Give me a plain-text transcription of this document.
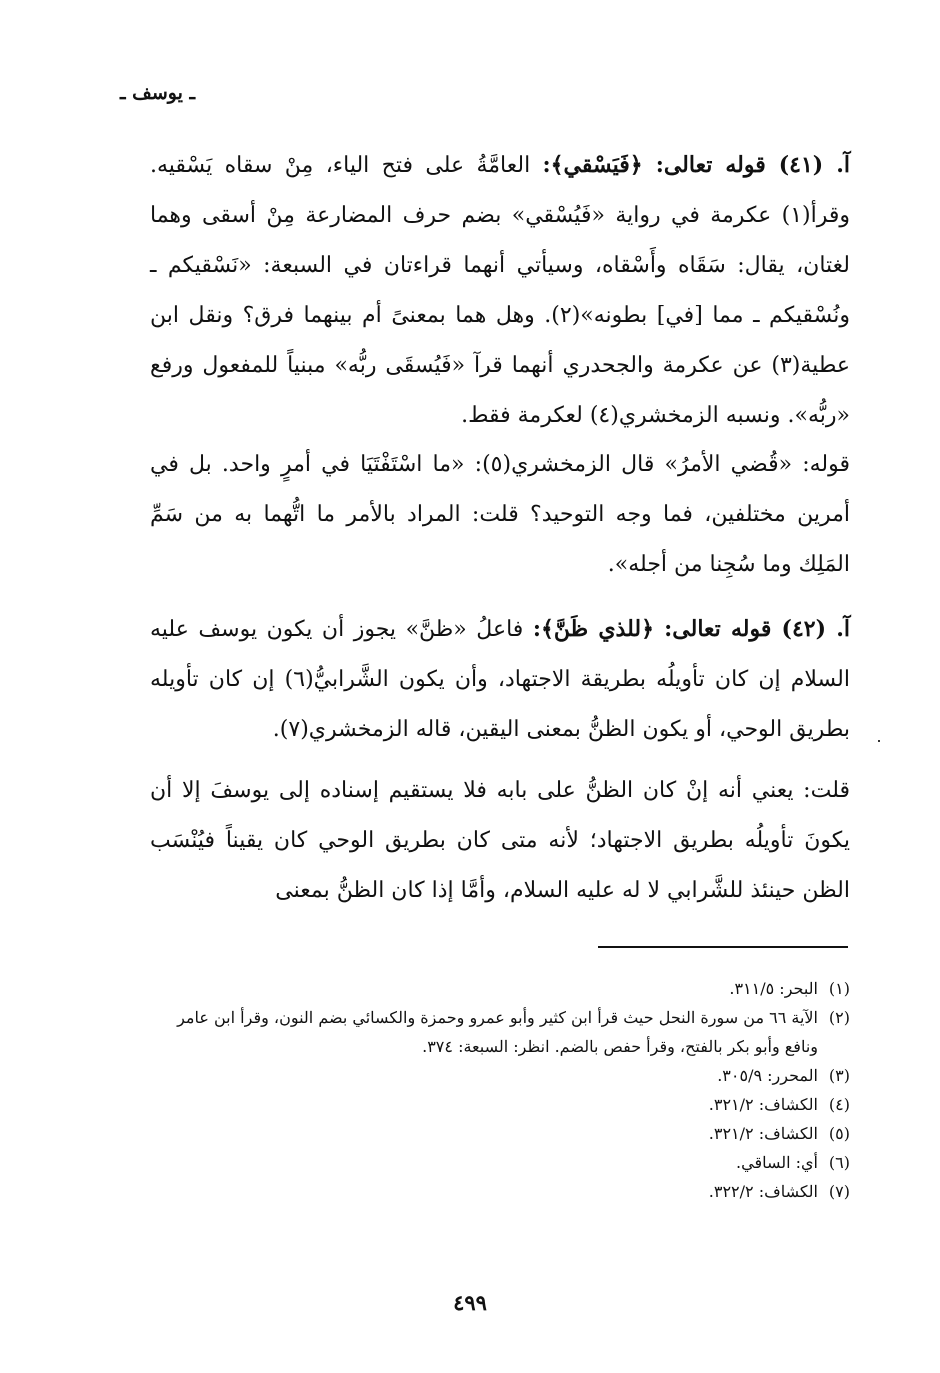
ـ يوسف ـ
آ. (٤١) قوله تعالى: ﴿فَيَسْقي﴾: العامَّةُ على فتح الياء، مِنْ سقاه يَسْقيه. وقرأ(١) عكرمة في رواية «فَيُسْقي» بضم حرف المضارعة مِنْ أسقى وهما لغتان، يقال: سَقَاه وأَسْقاه، وسيأتي أنهما قراءتان في السبعة: «نَسْقيكم ـ ونُسْقيكم ـ مما [في] بطونه»(٢). وهل هما بمعنىً أم بينهما فرق؟ ونقل ابن عطية(٣) عن عكرمة والجحدري أنهما قرآ «فَيُسقَى ربُّه» مبنياً للمفعول ورفع «ربُّه». ونسبه الزمخشري(٤) لعكرمة فقط.
قوله: «قُضي الأمرُ» قال الزمخشري(٥): «ما اسْتَفْتَيَا في أمرٍ واحد. بل في أمرين مختلفين، فما وجه التوحيد؟ قلت: المراد بالأمر ما اتُّهما به من سَمِّ المَلِك وما سُجِنا من أجله».
آ. (٤٢) قوله تعالى: ﴿للذي ظَنَّ﴾: فاعلُ «ظنَّ» يجوز أن يكون يوسف عليه السلام إن كان تأويلُه بطريقة الاجتهاد، وأن يكون الشَّرابيُّ(٦) إن كان تأويله بطريق الوحي، أو يكون الظنُّ بمعنى اليقين، قاله الزمخشري(٧).
قلت: يعني أنه إنْ كان الظنُّ على بابه فلا يستقيم إسناده إلى يوسفَ إلا أن يكونَ تأويلُه بطريق الاجتهاد؛ لأنه متى كان بطريق الوحي كان يقيناً فيُنْسَب الظن حينئذ للشَّرابي لا له عليه السلام، وأمَّا إذا كان الظنُّ بمعنى
(١)
البحر: ٣١١/٥.
(٢)
الآية ٦٦ من سورة النحل حيث قرأ ابن كثير وأبو عمرو وحمزة والكسائي بضم النون، وقرأ ابن عامر ونافع وأبو بكر بالفتح، وقرأ حفص بالضم. انظر: السبعة: ٣٧٤.
(٣)
المحرر: ٣٠٥/٩.
(٤)
الكشاف: ٣٢١/٢.
(٥)
الكشاف: ٣٢١/٢.
(٦)
أي: الساقي.
(٧)
الكشاف: ٣٢٢/٢.
٤٩٩
